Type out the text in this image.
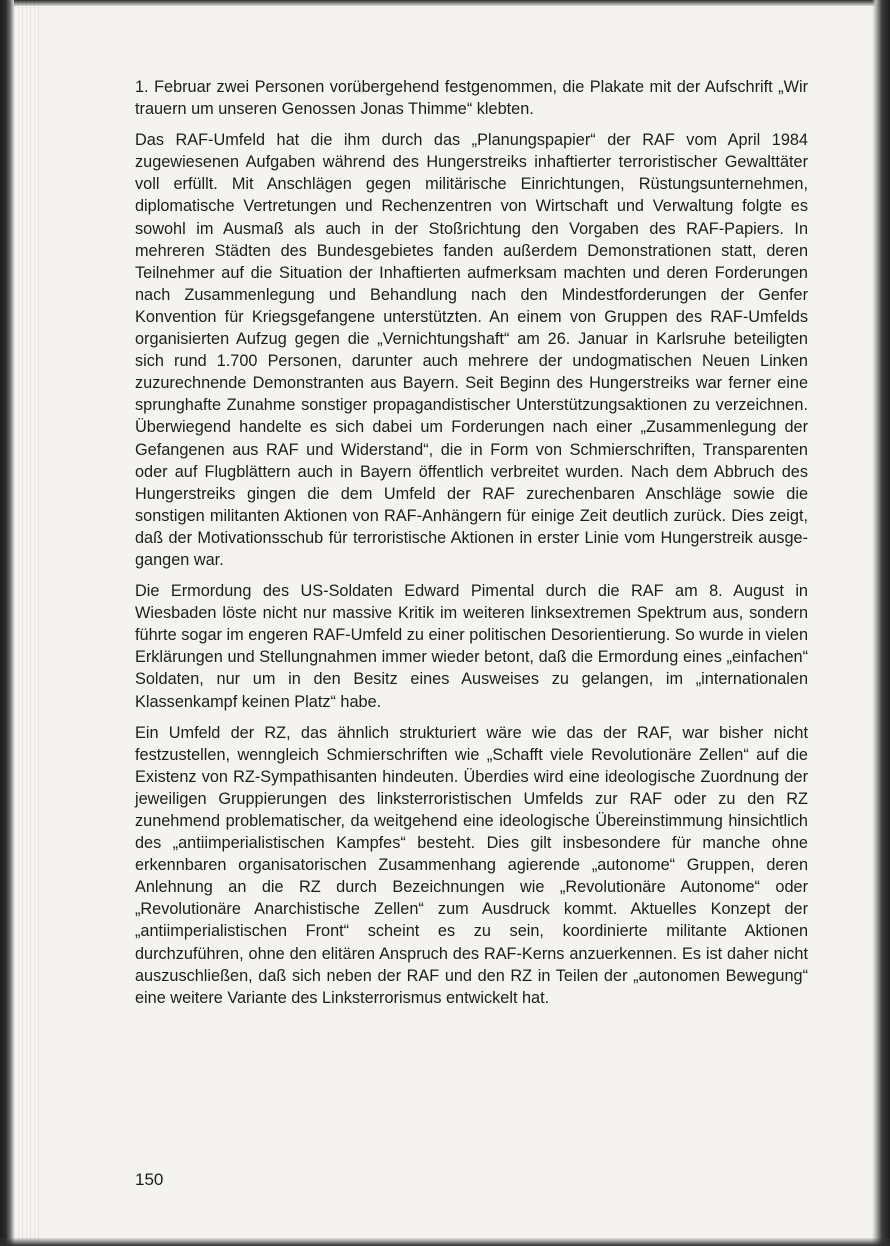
1. Februar zwei Personen vorübergehend festgenommen, die Plakate mit der Aufschrift „Wir trauern um unseren Genossen Jonas Thimme“ klebten.

Das RAF-Umfeld hat die ihm durch das „Planungspapier“ der RAF vom April 1984 zugewiesenen Aufgaben während des Hungerstreiks inhaftierter terroristischer Gewalttäter voll erfüllt. Mit Anschlägen gegen militärische Einrichtungen, Rüstungsunternehmen, diplomatische Vertretungen und Rechenzentren von Wirtschaft und Verwaltung folgte es sowohl im Ausmaß als auch in der Stoßrichtung den Vorgaben des RAF-Papiers. In mehreren Städten des Bundesgebietes fanden außerdem Demonstrationen statt, deren Teilnehmer auf die Situation der Inhaftierten aufmerksam machten und deren Forderungen nach Zusammenlegung und Behandlung nach den Mindestforderungen der Genfer Konvention für Kriegsgefangene unterstützten. An einem von Gruppen des RAF-Umfelds organisierten Aufzug gegen die „Vernichtungshaft“ am 26. Januar in Karlsruhe beteiligten sich rund 1.700 Personen, darunter auch mehrere der undogmatischen Neuen Linken zuzurechnende Demonstranten aus Bayern. Seit Beginn des Hungerstreiks war ferner eine sprunghafte Zunahme sonstiger propagandistischer Unterstützungsaktionen zu verzeichnen. Überwiegend handelte es sich dabei um Forderungen nach einer „Zusammenlegung der Gefangenen aus RAF und Widerstand“, die in Form von Schmierschriften, Transparenten oder auf Flugblättern auch in Bayern öffentlich verbreitet wurden. Nach dem Abbruch des Hungerstreiks gingen die dem Umfeld der RAF zurechenbaren Anschläge sowie die sonstigen militanten Aktionen von RAF-Anhängern für einige Zeit deutlich zurück. Dies zeigt, daß der Motivationsschub für terroristische Aktionen in erster Linie vom Hungerstreik ausgegangen war.

Die Ermordung des US-Soldaten Edward Pimental durch die RAF am 8. August in Wiesbaden löste nicht nur massive Kritik im weiteren linksextremen Spektrum aus, sondern führte sogar im engeren RAF-Umfeld zu einer politischen Desorientierung. So wurde in vielen Erklärungen und Stellungnahmen immer wieder betont, daß die Ermordung eines „einfachen“ Soldaten, nur um in den Besitz eines Ausweises zu gelangen, im „internationalen Klassenkampf keinen Platz“ habe.

Ein Umfeld der RZ, das ähnlich strukturiert wäre wie das der RAF, war bisher nicht festzustellen, wenngleich Schmierschriften wie „Schafft viele Revolutionäre Zellen“ auf die Existenz von RZ-Sympathisanten hindeuten. Überdies wird eine ideologische Zuordnung der jeweiligen Gruppierungen des linksterroristischen Umfelds zur RAF oder zu den RZ zunehmend problematischer, da weitgehend eine ideologische Übereinstimmung hinsichtlich des „antiimperialistischen Kampfes“ besteht. Dies gilt insbesondere für manche ohne erkennbaren organisatorischen Zusammenhang agierende „autonome“ Gruppen, deren Anlehnung an die RZ durch Bezeichnungen wie „Revolutionäre Autonome“ oder „Revolutionäre Anarchistische Zellen“ zum Ausdruck kommt. Aktuelles Konzept der „antiimperialistischen Front“ scheint es zu sein, koordinierte militante Aktionen durchzuführen, ohne den elitären Anspruch des RAF-Kerns anzuerkennen. Es ist daher nicht auszuschließen, daß sich neben der RAF und den RZ in Teilen der „autonomen Bewegung“ eine weitere Variante des Linksterrorismus entwickelt hat.

150
